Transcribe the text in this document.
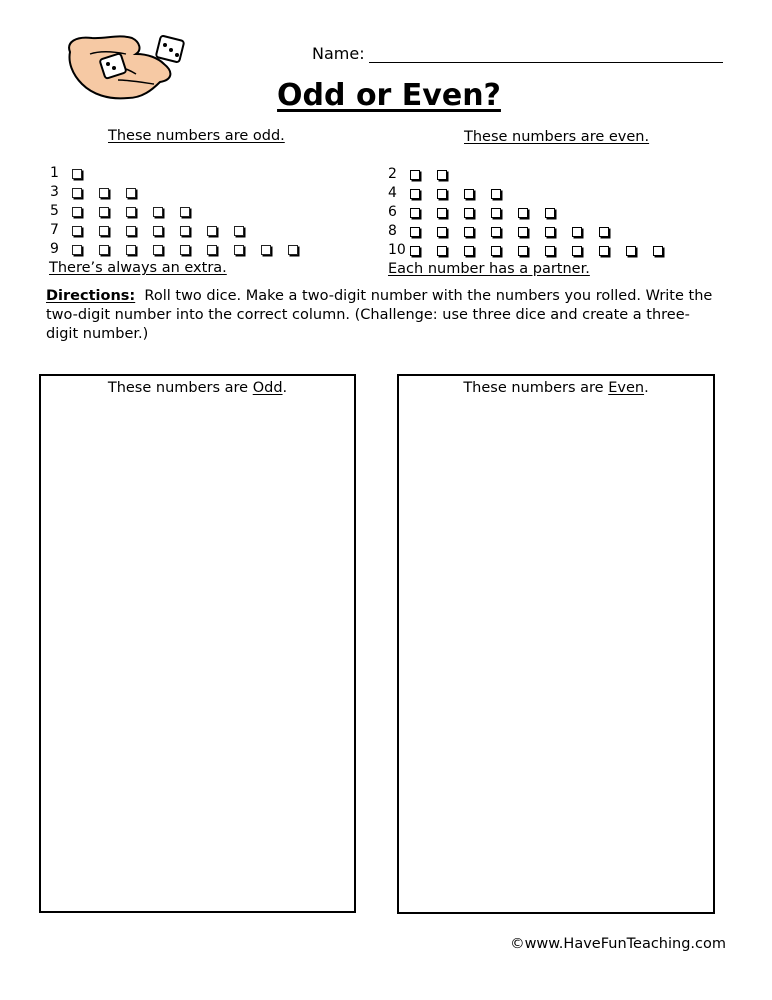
Name:
Odd or Even?
These numbers are odd.
1
3
5
7
9
There’s always an extra.
These numbers are even.
2
4
6
8
10
Each number has a partner.
Directions: Roll two dice. Make a two-digit number with the numbers you rolled. Write the two-digit number into the correct column. (Challenge: use three dice and create a three-digit number.)
These numbers are Odd.	These numbers are Even.
©www.HaveFunTeaching.com
